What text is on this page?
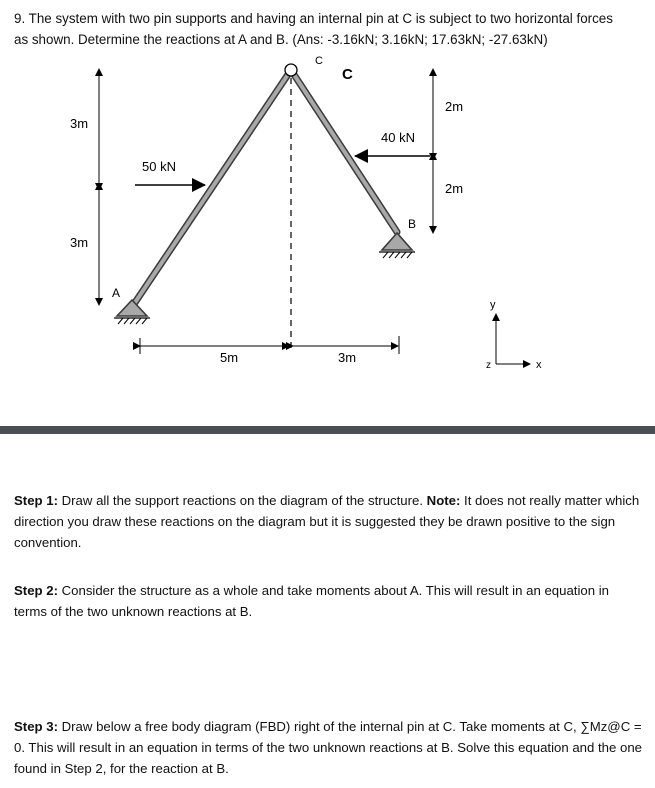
9. The system with two pin supports and having an internal pin at C is subject to two horizontal forces
as shown. Determine the reactions at A and B. (Ans: -3.16kN; 3.16kN; 17.63kN; -27.63kN)
C
C
A
B
50 kN
40 kN
3m
3m
2m
2m
5m	3m
y
z	x
Step 1: Draw all the support reactions on the diagram of the structure. Note: It does not really matter which direction you draw these reactions on the diagram but it is suggested they be drawn positive to the sign convention.
Step 2: Consider the structure as a whole and take moments about A. This will result in an equation in terms of the two unknown reactions at B.
Step 3: Draw below a free body diagram (FBD) right of the internal pin at C. Take moments at C, ∑Mz@C = 0. This will result in an equation in terms of the two unknown reactions at B. Solve this equation and the one found in Step 2, for the reaction at B.
